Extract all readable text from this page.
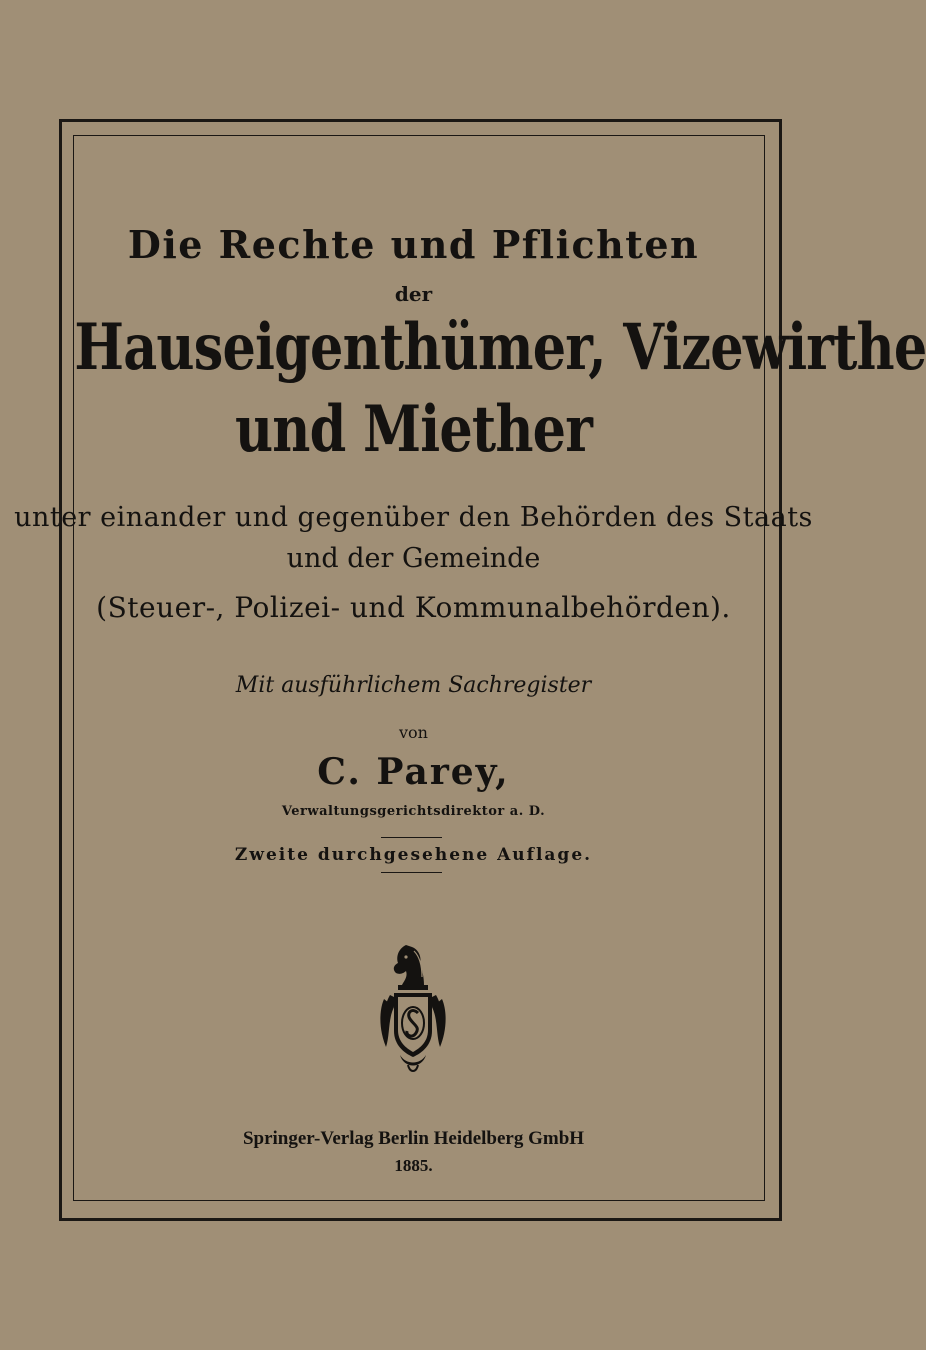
Die Rechte und Pflichten
der
Hauseigenthümer, Vizewirthe
und Miether
unter einander und gegenüber den Behörden des Staats
und der Gemeinde
(Steuer-, Polizei- und Kommunalbehörden).
Mit ausführlichem Sachregister
von
C. Parey,
Verwaltungsgerichtsdirektor a. D.
Zweite durchgesehene Auflage.
Springer-Verlag Berlin Heidelberg GmbH
1885.
